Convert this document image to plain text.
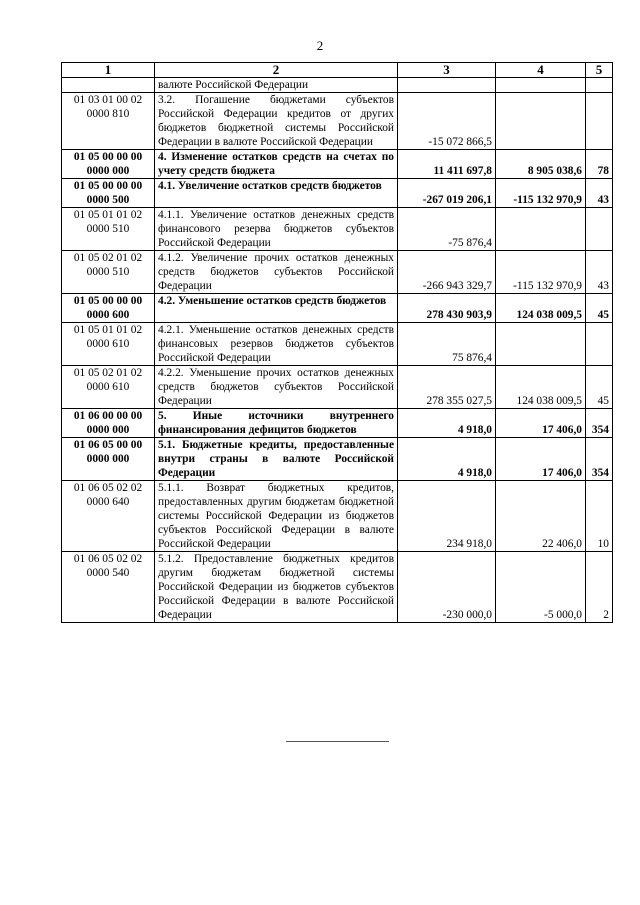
2
1	2	3	4	5
	валюте Российской Федерации			
01 03 01 00 02 0000 810	3.2. Погашение бюджетами субъектов Российской Федерации кредитов от других бюджетов бюджетной системы Российской Федерации в валюте Российской Федерации	-15 072 866,5		
01 05 00 00 00 0000 000	4. Изменение остатков средств на счетах по учету средств бюджета	11 411 697,8	8 905 038,6	78
01 05 00 00 00 0000 500	4.1. Увеличение остатков средств бюджетов	-267 019 206,1	-115 132 970,9	43
01 05 01 01 02 0000 510	4.1.1. Увеличение остатков денежных средств финансового резерва бюджетов субъектов Российской Федерации	-75 876,4		
01 05 02 01 02 0000 510	4.1.2. Увеличение прочих остатков денежных средств бюджетов субъектов Российской Федерации	-266 943 329,7	-115 132 970,9	43
01 05 00 00 00 0000 600	4.2. Уменьшение остатков средств бюджетов	278 430 903,9	124 038 009,5	45
01 05 01 01 02 0000 610	4.2.1. Уменьшение остатков денежных средств финансовых резервов бюджетов субъектов Российской Федерации	75 876,4		
01 05 02 01 02 0000 610	4.2.2. Уменьшение прочих остатков денежных средств бюджетов субъектов Российской Федерации	278 355 027,5	124 038 009,5	45
01 06 00 00 00 0000 000	5. Иные источники внутреннего финансирования дефицитов бюджетов	4 918,0	17 406,0	354
01 06 05 00 00 0000 000	5.1. Бюджетные кредиты, предоставленные внутри страны в валюте Российской Федерации	4 918,0	17 406,0	354
01 06 05 02 02 0000 640	5.1.1. Возврат бюджетных кредитов, предоставленных другим бюджетам бюджетной системы Российской Федерации из бюджетов субъектов Российской Федерации в валюте Российской Федерации	234 918,0	22 406,0	10
01 06 05 02 02 0000 540	5.1.2. Предоставление бюджетных кредитов другим бюджетам бюджетной системы Российской Федерации из бюджетов субъектов Российской Федерации в валюте Российской Федерации	-230 000,0	-5 000,0	2
